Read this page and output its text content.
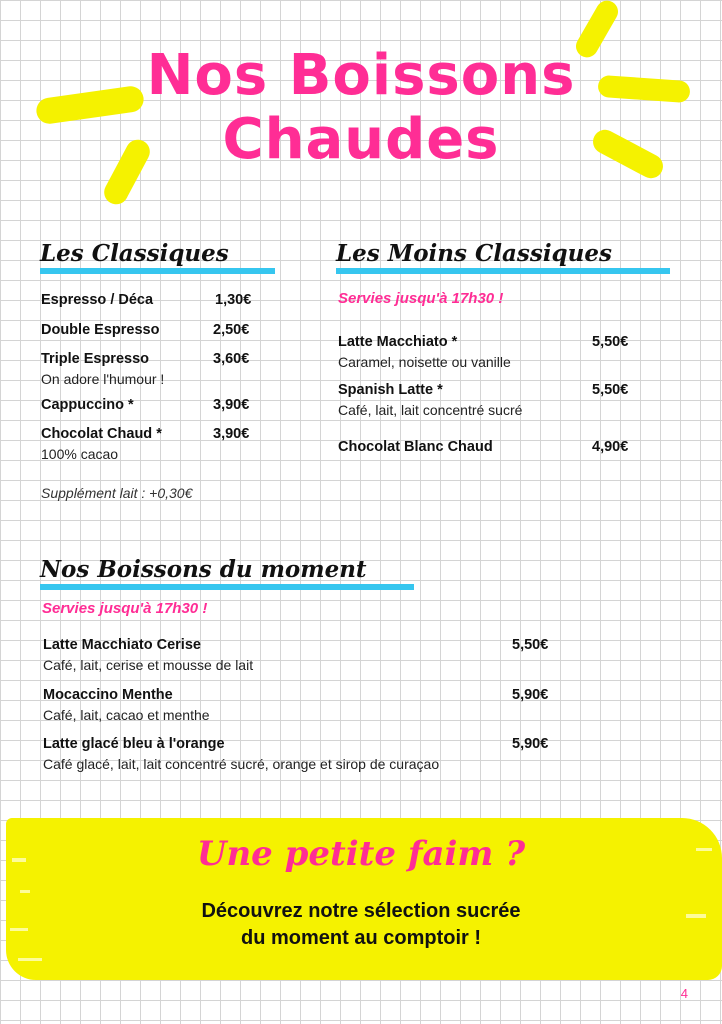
Nos Boissons
Chaudes
Les Classiques
Espresso / Déca	1,30€
Double Espresso	2,50€
Triple Espresso	3,60€
On adore l'humour !
Cappuccino *	3,90€
Chocolat Chaud *	3,90€
100% cacao
Supplément lait : +0,30€
Les Moins Classiques
Servies jusqu'à 17h30 !
Latte Macchiato *	5,50€
Caramel, noisette ou vanille
Spanish Latte *	5,50€
Café, lait, lait concentré sucré
Chocolat Blanc Chaud	4,90€
Nos Boissons du moment
Servies jusqu'à 17h30 !
Latte Macchiato Cerise	5,50€
Café, lait, cerise et mousse de lait
Mocaccino Menthe	5,90€
Café, lait, cacao et menthe
Latte glacé bleu à l'orange	5,90€
Café glacé, lait, lait concentré sucré, orange et sirop de curaçao
Une petite faim ?
Découvrez notre sélection sucrée
du moment au comptoir !
4
